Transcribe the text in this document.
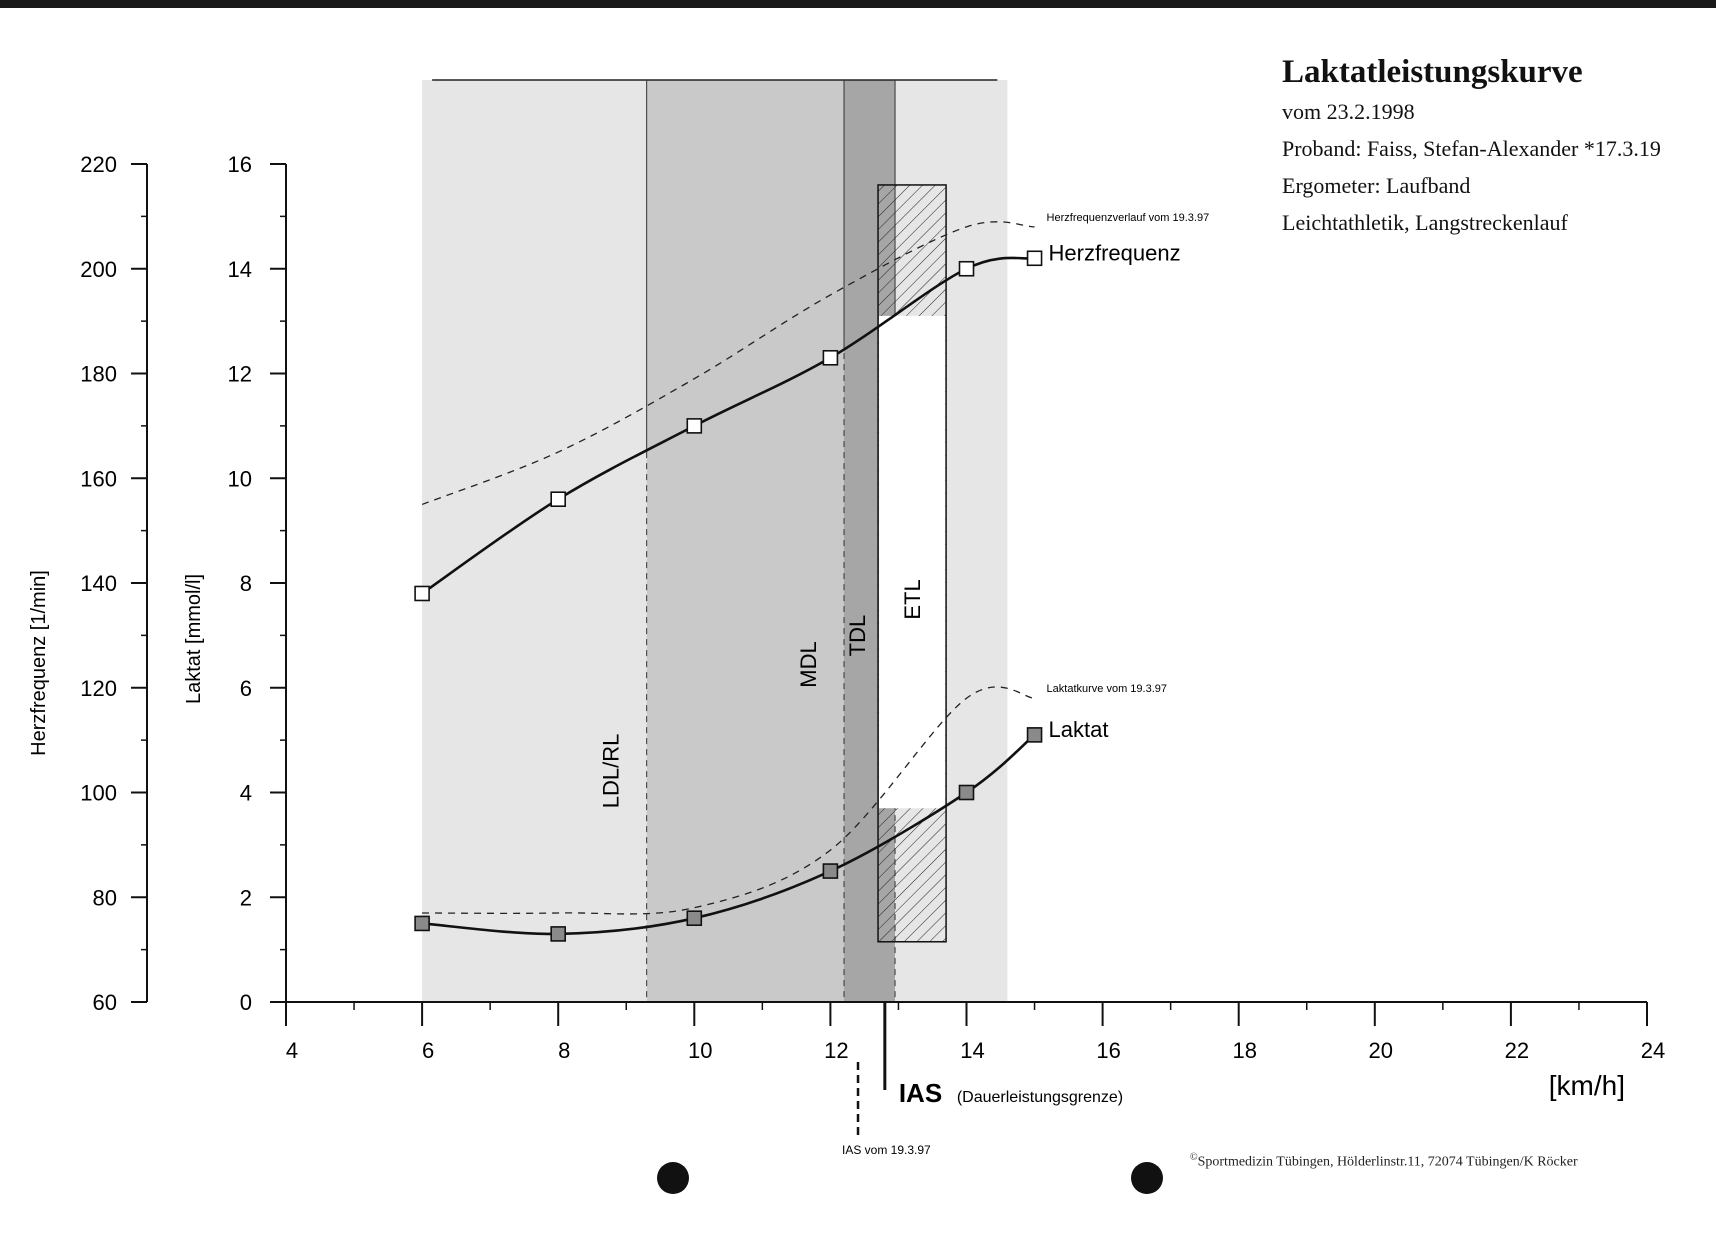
Laktatleistungskurve
vom 23.2.1998
Proband: Faiss, Stefan-Alexander *17.3.19
Ergometer: Laufband
Leichtathletik, Langstreckenlauf
©Sportmedizin Tübingen, Hölderlinstr.11, 72074 Tübingen/K Röcker
60
80
100
120
140
160
180
200
220
Herzfrequenz [1/min]
0
2
4
6
8
10
12
14
16
Laktat [mmol/l]
4	6	8	10	12	14	16	18	20	22	24
[km/h]
Herzfrequenzverlauf vom 19.3.97
Laktatkurve vom 19.3.97
Herzfrequenz
Laktat
LDL/RL
MDL
TDL
ETL
IAS (Dauerleistungsgrenze)
IAS vom 19.3.97
